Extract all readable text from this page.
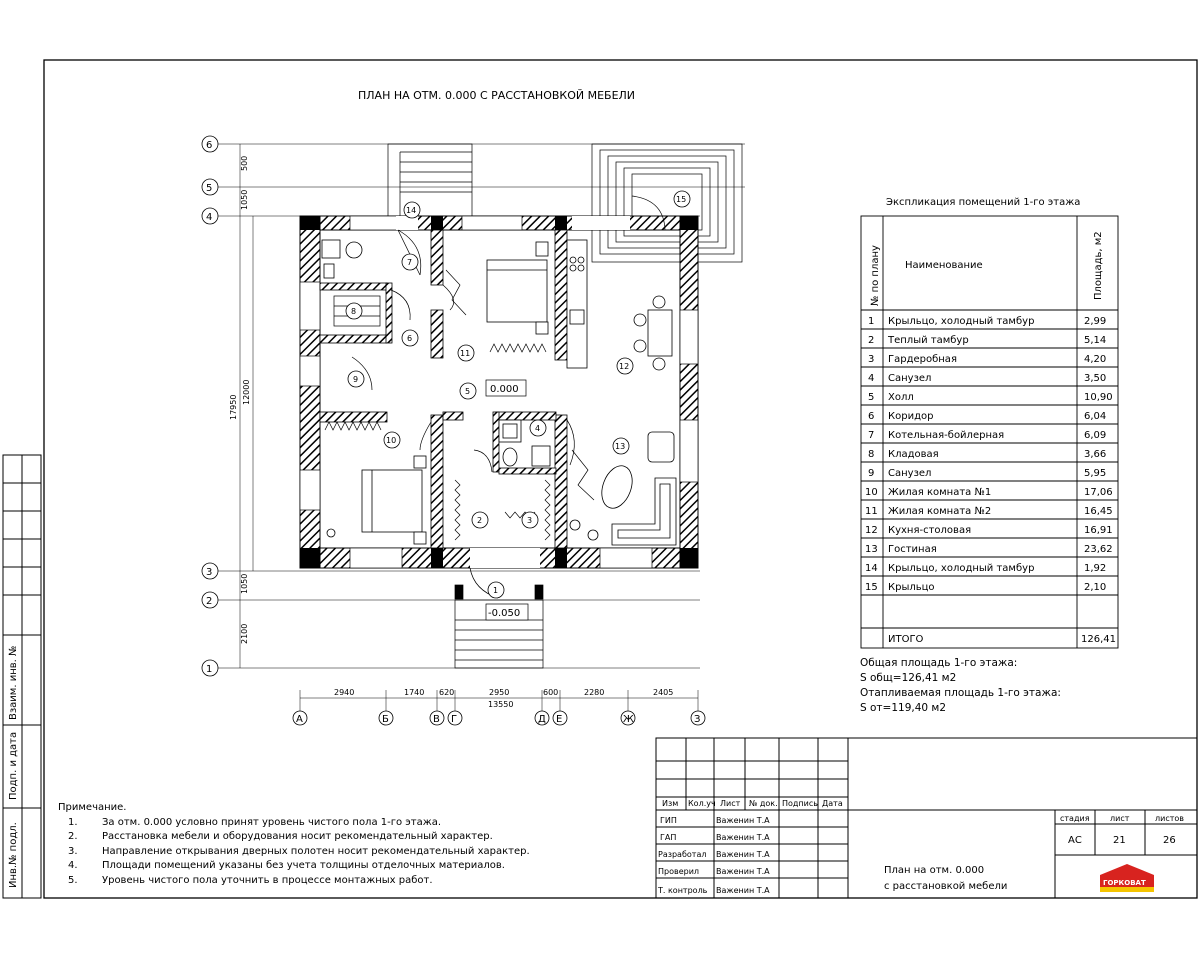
Взаим. инв. №
Подп. и дата
Инв.№ подл.
ПЛАН НА ОТМ. 0.000 С РАССТАНОВКОЙ МЕБЕЛИ
6
5
4
3
2
1
500
1050
1050
2100
17950
12000
2940	1740 620	2950	600	2280	2405
13550
А	Б	В Г	Д Е	Ж	З
0.000
-0.050
1
2	3
4
5
6
7
8
9
10
11
12
13
14
15	Экспликация помещений 1-го этажа
№ по плану Наименование	Площадь, м2
1 Крыльцо, холодный тамбур	2,99
2 Теплый тамбур	5,14
3 Гардеробная	4,20
4 Санузел	3,50
5 Холл	10,90
6 Коридор	6,04
7 Котельная-бойлерная	6,09
8 Кладовая	3,66
9 Санузел	5,95
10 Жилая комната №1	17,06
11 Жилая комната №2	16,45
12 Кухня-столовая	16,91
13 Гостиная	23,62
14 Крыльцо, холодный тамбур	1,92
15 Крыльцо	2,10
ИТОГО	126,41
Изм Кол.уч Лист № док. Подпись Дата
ГИП	Важенин Т.А
ГАП	Важенин Т.А
Разработал Важенин Т.А
Проверил Важенин Т.А
Т. контроль Важенин Т.А
стадия	лист	листов
АС	21	26
План на отм. 0.000
с расстановкой мебели	ГОРКОВАТ
Общая площадь 1-го этажа:
S общ=126,41 м2
Отапливаемая площадь 1-го этажа:
S от=119,40 м2
Примечание.
1. За отм. 0.000 условно принят уровень чистого пола 1-го этажа.
2. Расстановка мебели и оборудования носит рекомендательный характер.
3. Направление открывания дверных полотен носит рекомендательный характер.
4. Площади помещений указаны без учета толщины отделочных материалов.
5. Уровень чистого пола уточнить в процессе монтажных работ.
